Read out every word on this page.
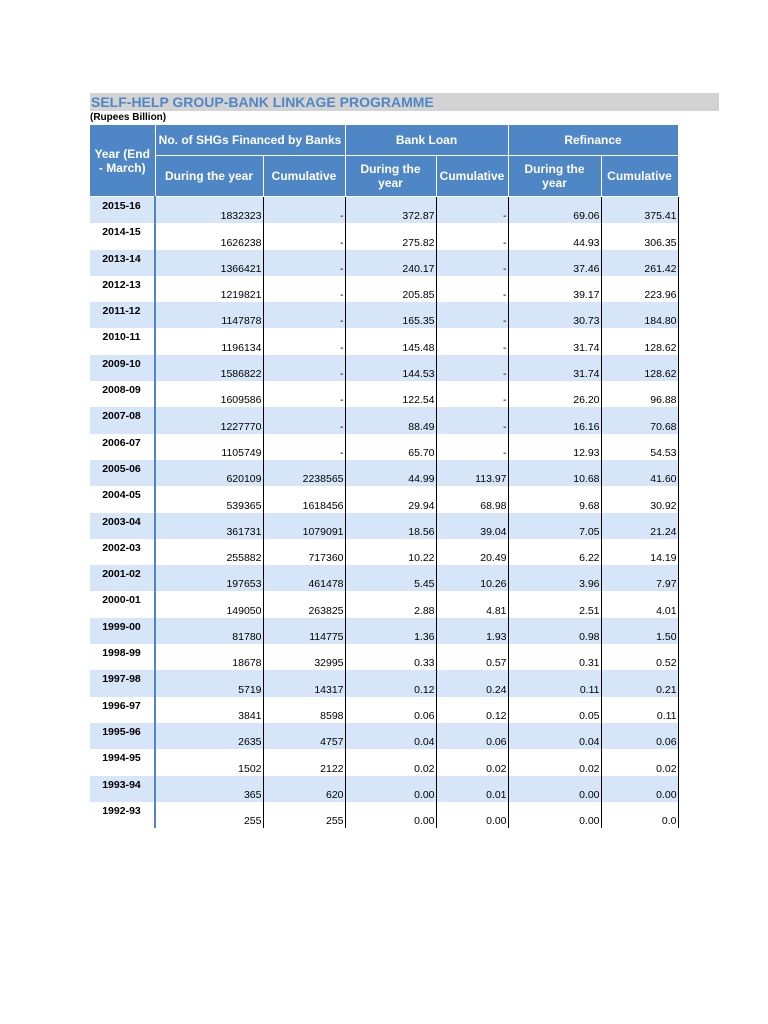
SELF-HELP GROUP-BANK LINKAGE PROGRAMME
(Rupees Billion)
Year (End - March)	No. of SHGs Financed by Banks		Bank Loan		Refinance	
	During the year	Cumulative	During the year	Cumulative	During the year	Cumulative
2015-16	1832323	-	372.87	-	69.06	375.41
2014-15	1626238	-	275.82	-	44.93	306.35
2013-14	1366421	-	240.17	-	37.46	261.42
2012-13	1219821	-	205.85	-	39.17	223.96
2011-12	1147878	-	165.35	-	30.73	184.80
2010-11	1196134	-	145.48	-	31.74	128.62
2009-10	1586822	-	144.53	-	31.74	128.62
2008-09	1609586	-	122.54	-	26.20	96.88
2007-08	1227770	-	88.49	-	16.16	70.68
2006-07	1105749	-	65.70	-	12.93	54.53
2005-06	620109	2238565	44.99	113.97	10.68	41.60
2004-05	539365	1618456	29.94	68.98	9.68	30.92
2003-04	361731	1079091	18.56	39.04	7.05	21.24
2002-03	255882	717360	10.22	20.49	6.22	14.19
2001-02	197653	461478	5.45	10.26	3.96	7.97
2000-01	149050	263825	2.88	4.81	2.51	4.01
1999-00	81780	114775	1.36	1.93	0.98	1.50
1998-99	18678	32995	0.33	0.57	0.31	0.52
1997-98	5719	14317	0.12	0.24	0.11	0.21
1996-97	3841	8598	0.06	0.12	0.05	0.11
1995-96	2635	4757	0.04	0.06	0.04	0.06
1994-95	1502	2122	0.02	0.02	0.02	0.02
1993-94	365	620	0.00	0.01	0.00	0.00
1992-93	255	255	0.00	0.00	0.00	0.0
